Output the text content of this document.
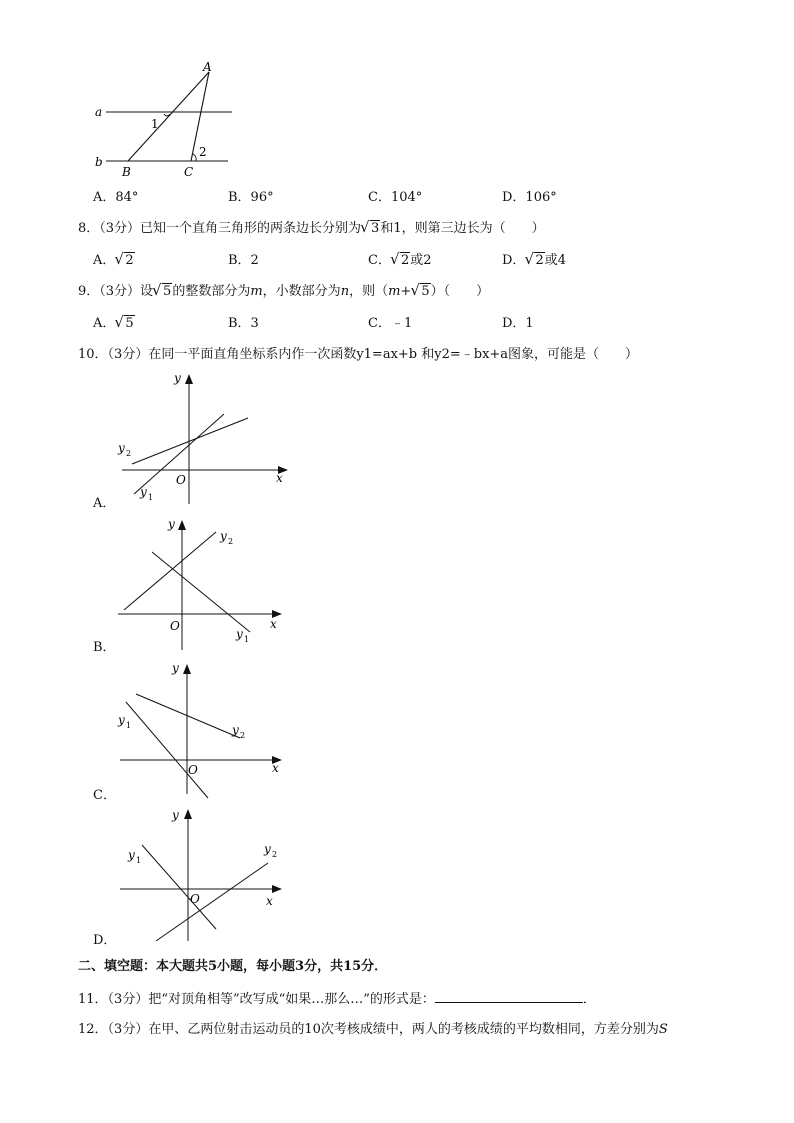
A
a
b
B	C
1
2
A．84°	B．96°	C．104°	D．106°
8．（3分）已知一个直角三角形的两条边长分别为 √ 3和1，则第三边长为（　　）
A． √ 2	B．2	C． √ 2或2	D． √ 2或4
9．（3分）设 √ 5的整数部分为m，小数部分为n，则（m+ √ 5）（　　）
A． √ 5	B．3	C．﹣1	D．1
10．（3分）在同一平面直角坐标系内作一次函数y1=ax+b 和y2=﹣bx+a图象，可能是（　　）
y
x
O
y 2
y 1
A．
y
x
O
y 2
y 1
B．
y
x
O
y 2
y 1
C．
y
x
O
y 2
y 1
D．
二、填空题：本大题共5小题，每小题3分，共15分．
11．（3分）把“对顶角相等”改写成“如果…那么…”的形式是：	．
12．（3分）在甲、乙两位射击运动员的10次考核成绩中，两人的考核成绩的平均数相同，方差分别为S
